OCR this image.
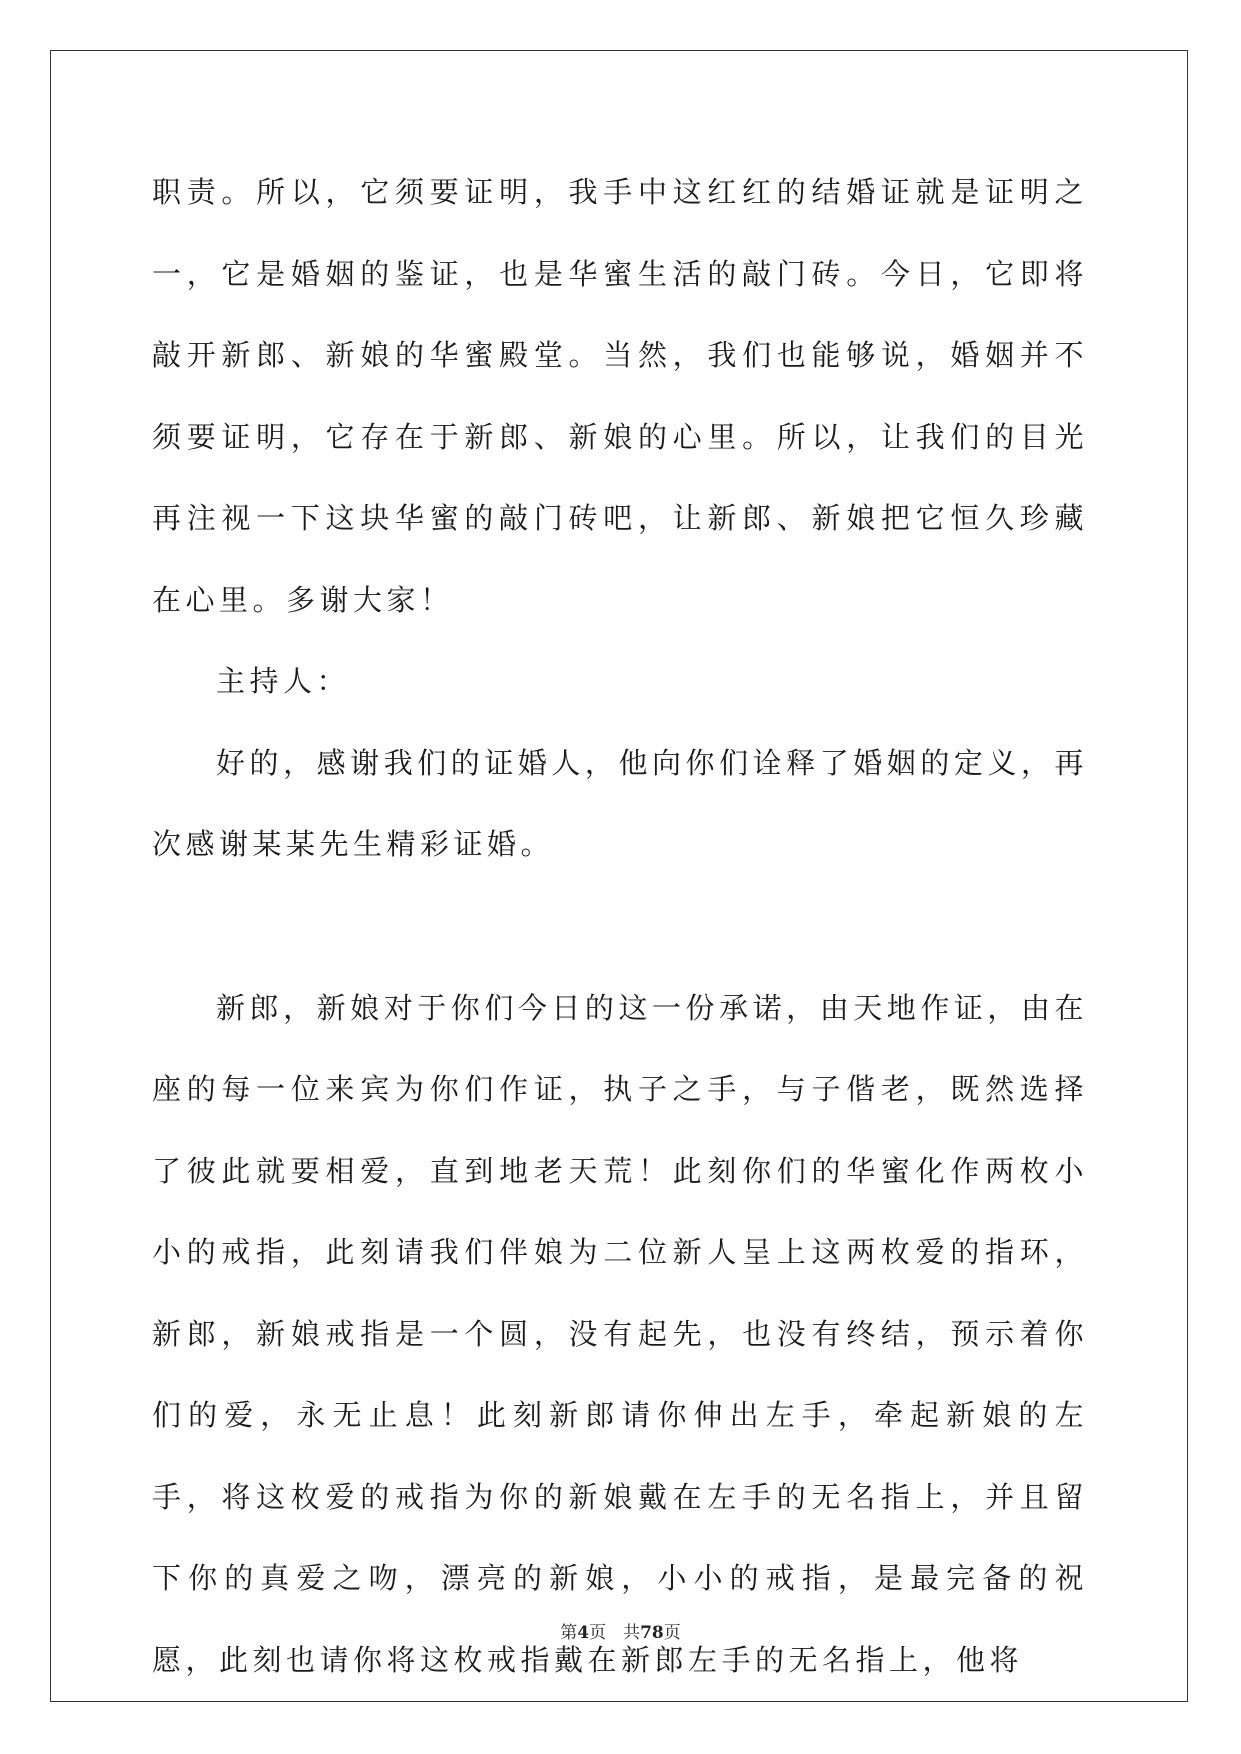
职责。所以，它须要证明，我手中这红红的结婚证就是证明之一，它是婚姻的鉴证，也是华蜜生活的敲门砖。今日，它即将敲开新郎、新娘的华蜜殿堂。当然，我们也能够说，婚姻并不须要证明，它存在于新郎、新娘的心里。所以，让我们的目光再注视一下这块华蜜的敲门砖吧，让新郎、新娘把它恒久珍藏在心里。多谢大家！

主持人：

好的，感谢我们的证婚人，他向你们诠释了婚姻的定义，再次感谢某某先生精彩证婚。

新郎，新娘对于你们今日的这一份承诺，由天地作证，由在座的每一位来宾为你们作证，执子之手，与子偕老，既然选择了彼此就要相爱，直到地老天荒！此刻你们的华蜜化作两枚小小的戒指，此刻请我们伴娘为二位新人呈上这两枚爱的指环，新郎，新娘戒指是一个圆，没有起先，也没有终结，预示着你们的爱，永无止息！此刻新郎请你伸出左手，牵起新娘的左手，将这枚爱的戒指为你的新娘戴在左手的无名指上，并且留下你的真爱之吻，漂亮的新娘，小小的戒指，是最完备的祝愿，此刻也请你将这枚戒指戴在新郎左手的无名指上，他将

第4页　共78页
